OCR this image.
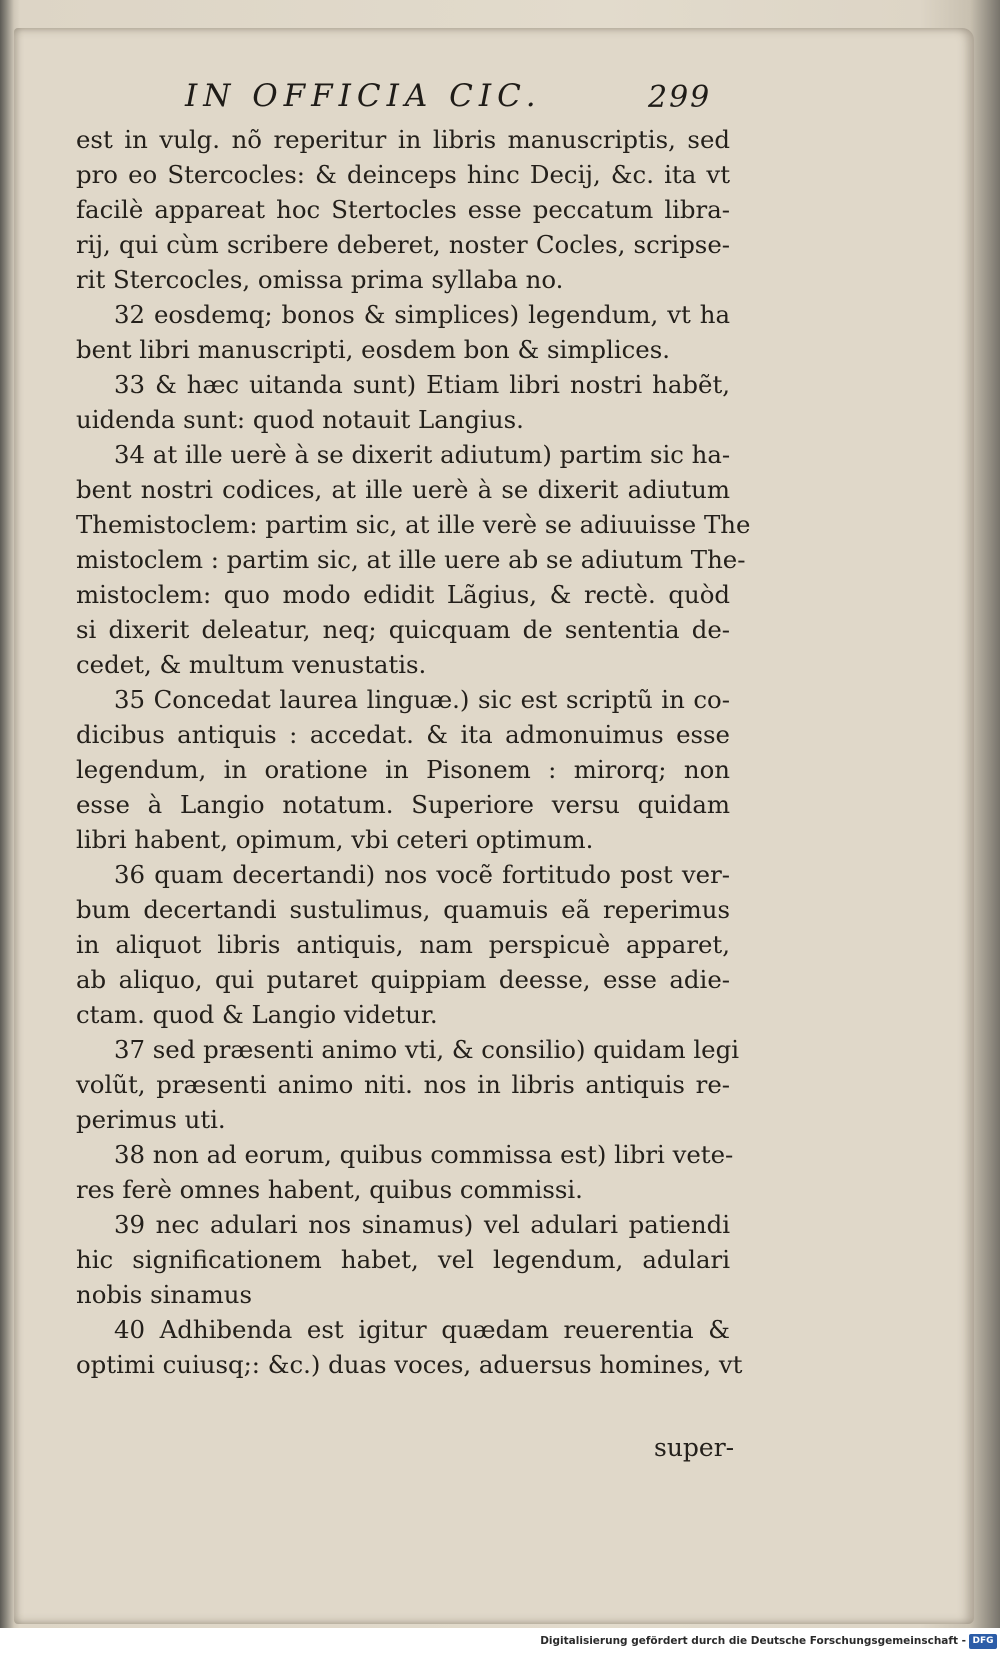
IN OFFICIA CIC.	299
est in vulg. nõ reperitur in libris manuscriptis, sed
pro eo Stercocles: & deinceps hinc Decij, &c. ita vt
facilè appareat hoc Stertocles esse peccatum libra-
rij, qui cùm scribere deberet, noster Cocles, scripse-
rit Stercocles, omissa prima syllaba no.
32 eosdemq; bonos & simplices) legendum, vt ha
bent libri manuscripti, eosdem bon & simplices.
33 & hæc uitanda sunt) Etiam libri nostri habẽt,
uidenda sunt: quod notauit Langius.
34 at ille uerè à se dixerit adiutum) partim sic ha-
bent nostri codices, at ille uerè à se dixerit adiutum
Themistoclem: partim sic, at ille verè se adiuuisse The
mistoclem : partim sic, at ille uere ab se adiutum The-
mistoclem: quo modo edidit Lãgius, & rectè. quòd
si dixerit deleatur, neq; quicquam de sententia de-
cedet, & multum venustatis.
35 Concedat laurea linguæ.) sic est scriptũ in co-
dicibus antiquis : accedat. & ita admonuimus esse
legendum, in oratione in Pisonem : mirorq; non
esse à Langio notatum. Superiore versu quidam
libri habent, opimum, vbi ceteri optimum.
36 quam decertandi) nos vocẽ fortitudo post ver-
bum decertandi sustulimus, quamuis eã reperimus
in aliquot libris antiquis, nam perspicuè apparet,
ab aliquo, qui putaret quippiam deesse, esse adie-
ctam. quod & Langio videtur.
37 sed præsenti animo vti, & consilio) quidam legi
volũt, præsenti animo niti. nos in libris antiquis re-
perimus uti.
38 non ad eorum, quibus commissa est) libri vete-
res ferè omnes habent, quibus commissi.
39 nec adulari nos sinamus) vel adulari patiendi
hic significationem habet, vel legendum, adulari
nobis sinamus
40 Adhibenda est igitur quædam reuerentia &
optimi cuiusq;: &c.) duas voces, aduersus homines, vt
super-
Digitalisierung gefördert durch die Deutsche Forschungsgemeinschaft - DFG
